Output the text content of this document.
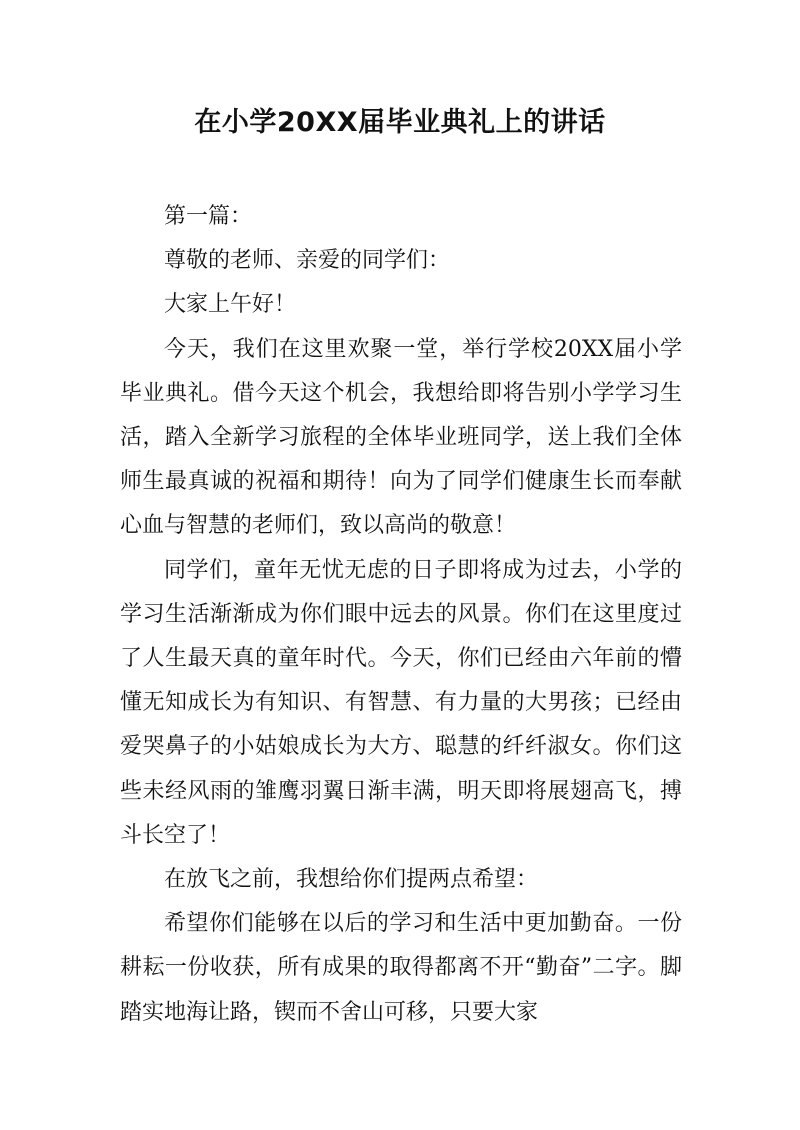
在小学20XX届毕业典礼上的讲话

第一篇：

尊敬的老师、亲爱的同学们：

大家上午好！

今天，我们在这里欢聚一堂，举行学校20XX届小学毕业典礼。借今天这个机会，我想给即将告别小学学习生活，踏入全新学习旅程的全体毕业班同学，送上我们全体师生最真诚的祝福和期待！向为了同学们健康生长而奉献心血与智慧的老师们，致以高尚的敬意！

同学们，童年无忧无虑的日子即将成为过去，小学的学习生活渐渐成为你们眼中远去的风景。你们在这里度过了人生最天真的童年时代。今天，你们已经由六年前的懵懂无知成长为有知识、有智慧、有力量的大男孩；已经由爱哭鼻子的小姑娘成长为大方、聪慧的纤纤淑女。你们这些未经风雨的雏鹰羽翼日渐丰满，明天即将展翅高飞，搏斗长空了！

在放飞之前，我想给你们提两点希望：

希望你们能够在以后的学习和生活中更加勤奋。一份耕耘一份收获，所有成果的取得都离不开“勤奋”二字。脚踏实地海让路，锲而不舍山可移，只要大家
